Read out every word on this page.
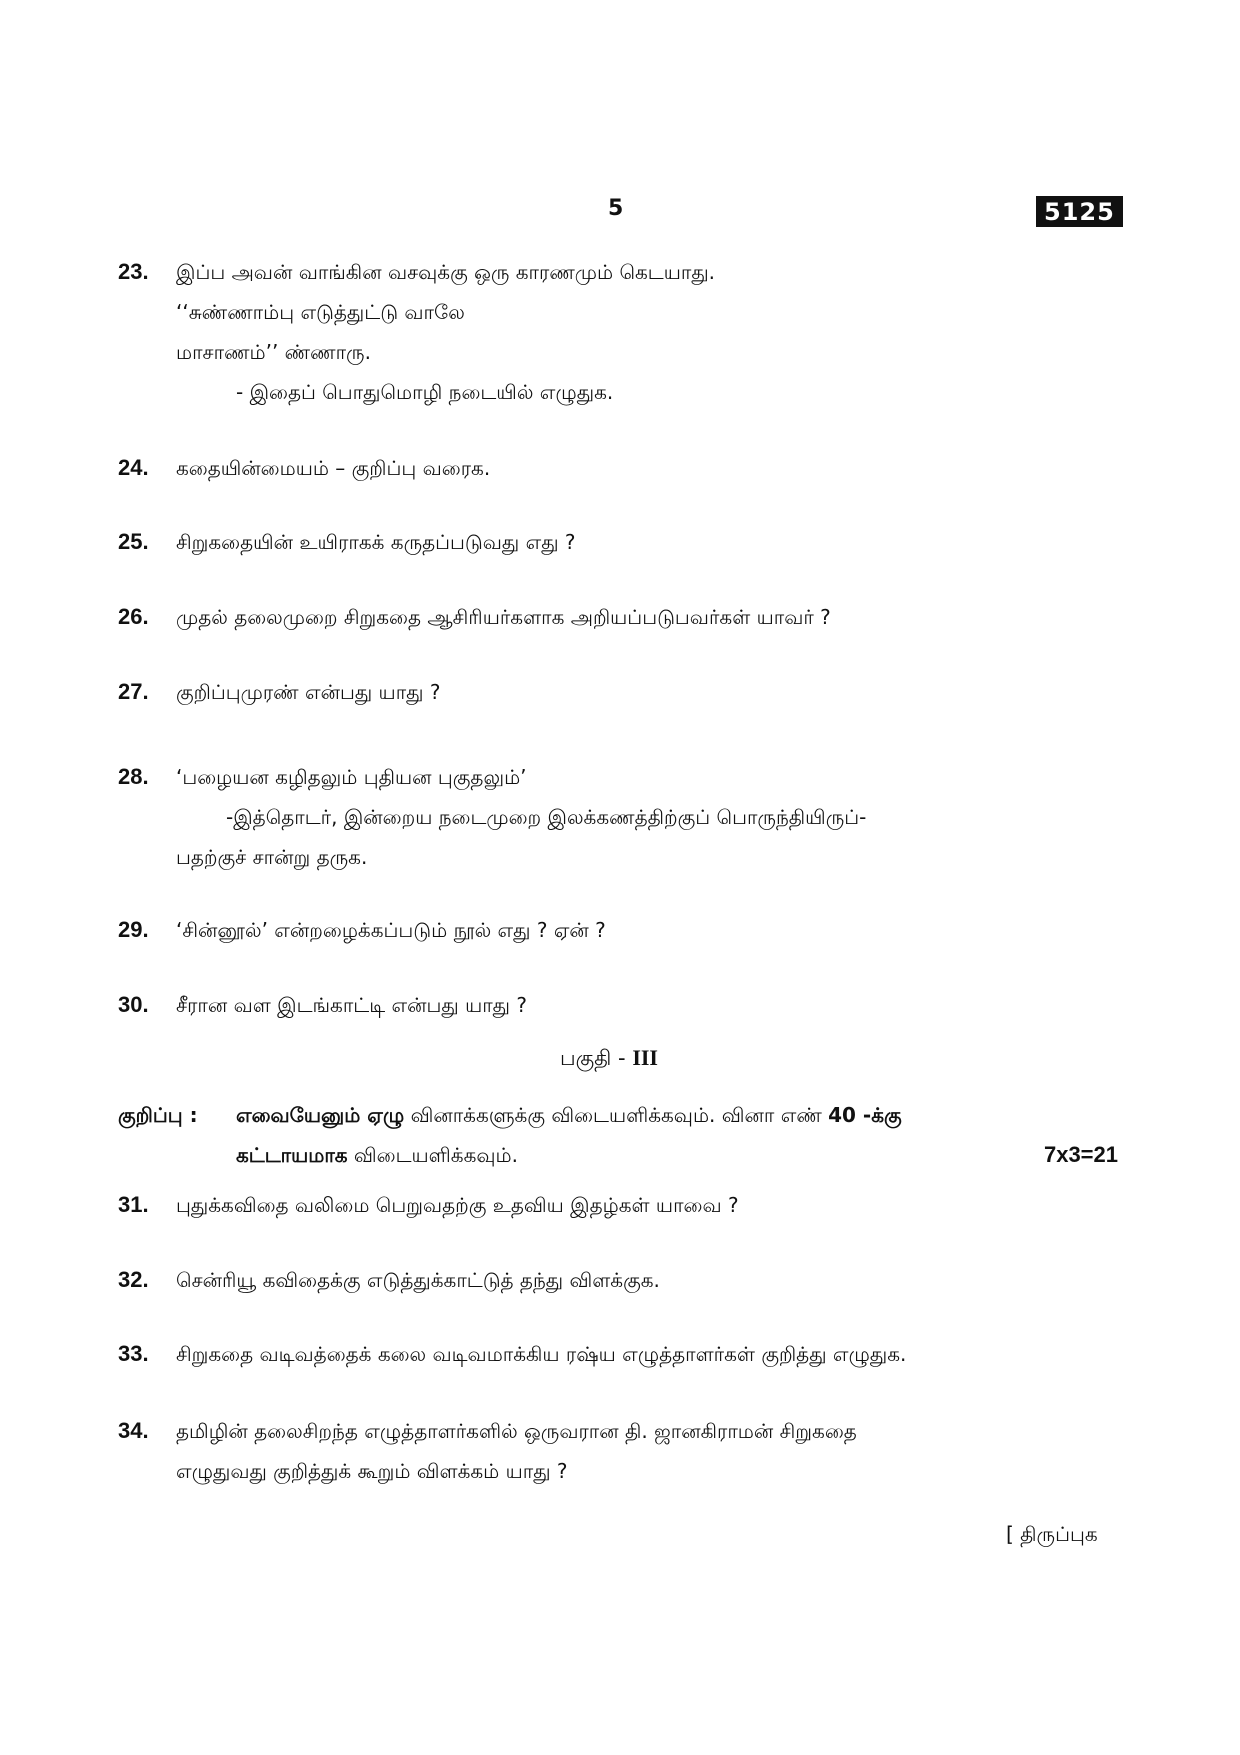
5	5125
23. இப்ப அவன் வாங்கின வசவுக்கு ஒரு காரணமும் கெடயாது.
‘‘சுண்ணாம்பு எடுத்துட்டு வாலே
மாசாணம்’’ ண்ணாரு.
- இதைப் பொதுமொழி நடையில் எழுதுக.
24. கதையின்மையம் – குறிப்பு வரைக.
25. சிறுகதையின் உயிராகக் கருதப்படுவது எது ?
26. முதல் தலைமுறை சிறுகதை ஆசிரியர்களாக அறியப்படுபவர்கள் யாவர் ?
27. குறிப்புமுரண் என்பது யாது ?
28. ‘பழையன கழிதலும் புதியன புகுதலும்’
-இத்தொடர், இன்றைய நடைமுறை இலக்கணத்திற்குப் பொருந்தியிருப்-
பதற்குச் சான்று தருக.
29. ‘சின்னூல்’ என்றழைக்கப்படும் நூல் எது ? ஏன் ?
30. சீரான வள இடங்காட்டி என்பது யாது ?
பகுதி - III
குறிப்பு : எவையேனும் ஏழு வினாக்களுக்கு விடையளிக்கவும். வினா எண் 40 -க்கு
கட்டாயமாக விடையளிக்கவும்.	7x3=21
31. புதுக்கவிதை வலிமை பெறுவதற்கு உதவிய இதழ்கள் யாவை ?
32. சென்ரியூ கவிதைக்கு எடுத்துக்காட்டுத் தந்து விளக்குக.
33. சிறுகதை வடிவத்தைக் கலை வடிவமாக்கிய ரஷ்ய எழுத்தாளர்கள் குறித்து எழுதுக.
34. தமிழின் தலைசிறந்த எழுத்தாளர்களில் ஒருவரான தி. ஜானகிராமன் சிறுகதை
எழுதுவது குறித்துக் கூறும் விளக்கம் யாது ?
[ திருப்புக
